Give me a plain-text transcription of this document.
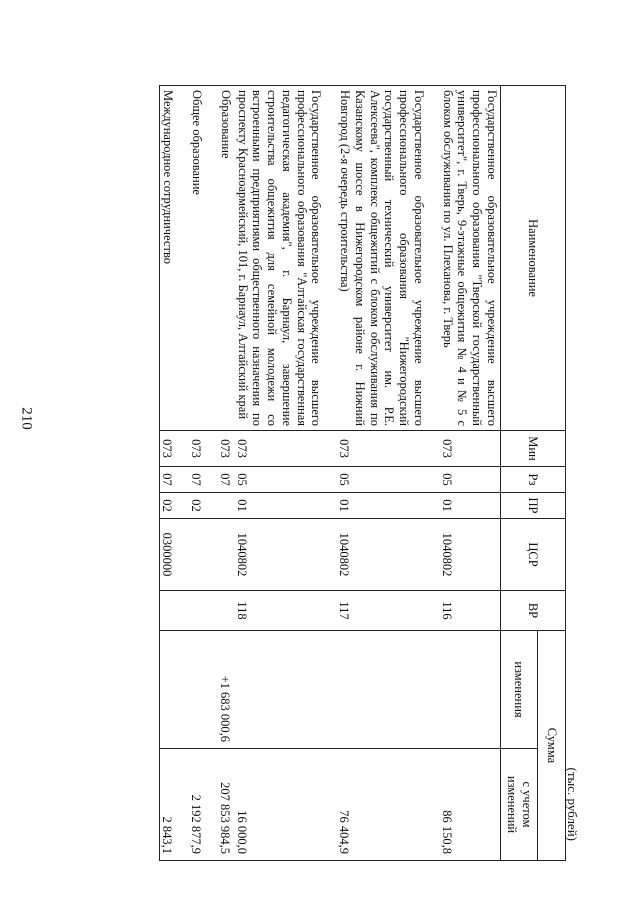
210
(тыс. рублей)
Наименование	Мин	Рз	ПР	ЦСР	ВР	Сумма	
						изменения	с учетом изменений
Государственное образовательное учреждение высшего профессионального образования "Тверской государственный университет", г. Тверь, 9-этажные общежития № 4 и № 5 с блоком обслуживания по ул. Плеханова, г. Тверь	073	05	01	1040802	116		86 150,8

Государственное образовательное учреждение высшего профессионального образования "Нижегородский государственный технический университет им. Р.Е. Алексеева", комплекс общежитий с блоком обслуживания по Казанскому шоссе в Нижегородском районе г. Нижний Новгород (2-я очередь строительства)	073	05	01	1040802	117		76 404,9

Государственное образовательное учреждение высшего профессионального образования "Алтайская государственная педагогическая академия", г. Барнаул, завершение строительства общежития для семейной молодежи со встроенными предприятиями общественного назначения по проспекту Красноармейский, 101, г. Барнаул, Алтайский край	073	05	01	1040802	118		16 000,0
Образование	073	07				+1 683 000,6	207 853 984,5

Общее образование	073	07	02				2 192 877,9

Международное сотрудничество	073	07	02	0300000			2 843,1
